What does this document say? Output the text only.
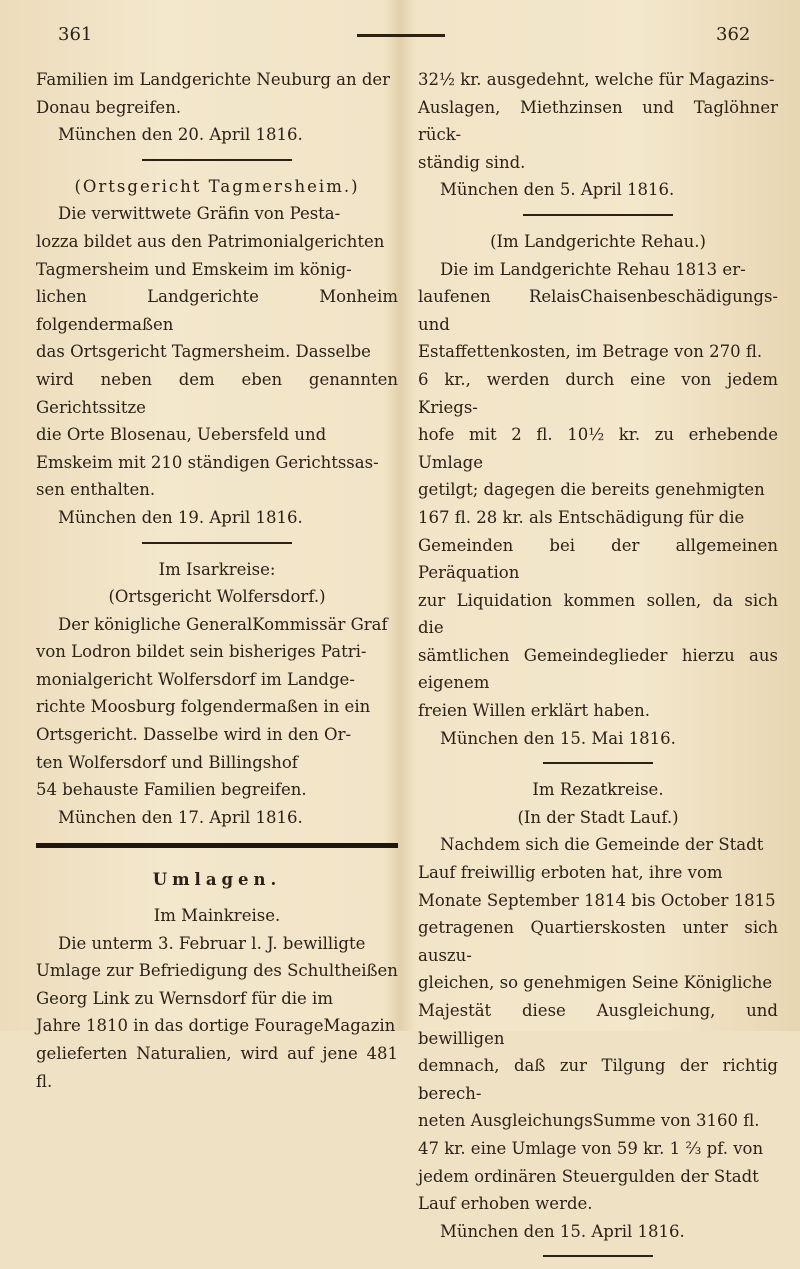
361	362

Familien im Landgerichte Neuburg an der

Donau begreifen.

München den 20. April 1816.

(Ortsgericht Tagmersheim.)

Die verwittwete Gräfin von Pesta-

lozza bildet aus den Patrimonialgerichten

Tagmersheim und Emskeim im könig-

lichen Landgerichte Monheim folgendermaßen

das Ortsgericht Tagmersheim. Dasselbe

wird neben dem eben genannten Gerichtssitze

die Orte Blosenau, Uebersfeld und

Emskeim mit 210 ständigen Gerichtssas-

sen enthalten.

München den 19. April 1816.

Im Isarkreise:

(Ortsgericht Wolfersdorf.)

Der königliche GeneralKommissär Graf

von Lodron bildet sein bisheriges Patri-

monialgericht Wolfersdorf im Landge-

richte Moosburg folgendermaßen in ein

Ortsgericht. Dasselbe wird in den Or-

ten Wolfersdorf und Billingshof

54 behauste Familien begreifen.

München den 17. April 1816.

Umlagen.

Im Mainkreise.

Die unterm 3. Februar l. J. bewilligte

Umlage zur Befriedigung des Schultheißen

Georg Link zu Wernsdorf für die im

Jahre 1810 in das dortige FourageMagazin

gelieferten Naturalien, wird auf jene 481 fl.

32½ kr. ausgedehnt, welche für Magazins-

Auslagen, Miethzinsen und Taglöhner rück-

ständig sind.

München den 5. April 1816.

(Im Landgerichte Rehau.)

Die im Landgerichte Rehau 1813 er-

laufenen RelaisChaisenbeschädigungs- und

Estaffettenkosten, im Betrage von 270 fl.

6 kr., werden durch eine von jedem Kriegs-

hofe mit 2 fl. 10½ kr. zu erhebende Umlage

getilgt; dagegen die bereits genehmigten

167 fl. 28 kr. als Entschädigung für die

Gemeinden bei der allgemeinen Peräquation

zur Liquidation kommen sollen, da sich die

sämtlichen Gemeindeglieder hierzu aus eigenem

freien Willen erklärt haben.

München den 15. Mai 1816.

Im Rezatkreise.

(In der Stadt Lauf.)

Nachdem sich die Gemeinde der Stadt

Lauf freiwillig erboten hat, ihre vom

Monate September 1814 bis October 1815

getragenen Quartierskosten unter sich auszu-

gleichen, so genehmigen Seine Königliche

Majestät diese Ausgleichung, und bewilligen

demnach, daß zur Tilgung der richtig berech-

neten AusgleichungsSumme von 3160 fl.

47 kr. eine Umlage von 59 kr. 1 ⅔ pf. von

jedem ordinären Steuergulden der Stadt

Lauf erhoben werde.

München den 15. April 1816.
